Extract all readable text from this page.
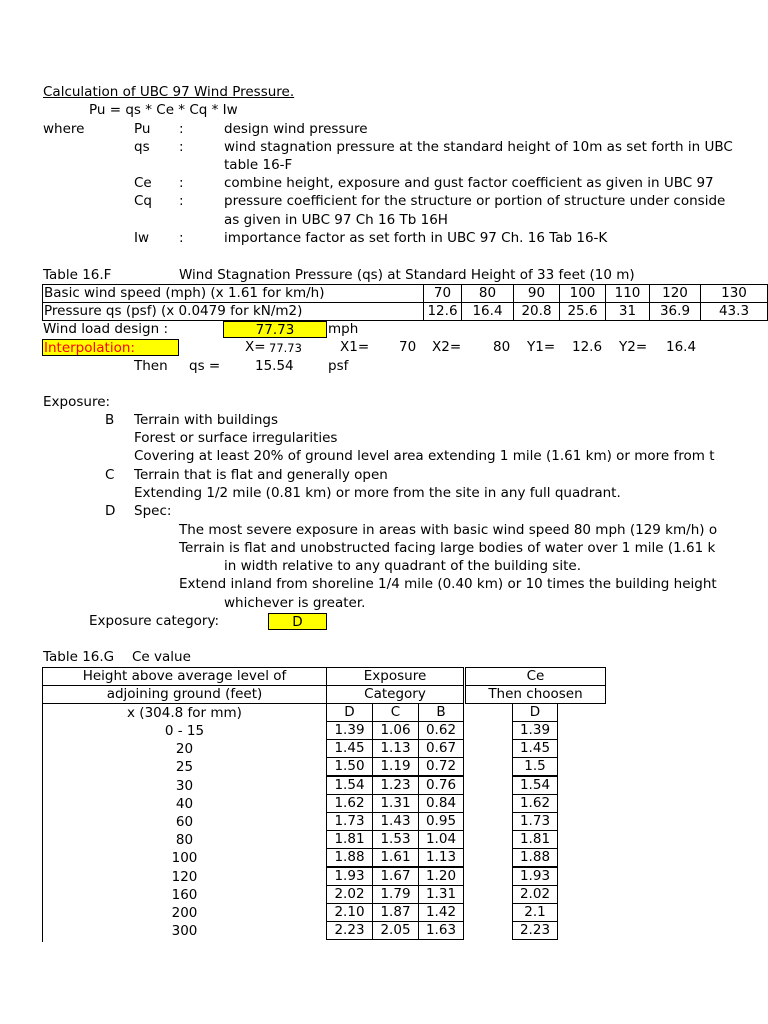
Calculation of UBC 97 Wind Pressure.
Pu = qs * Ce * Cq * Iw
where	Pu :	design wind pressure
qs :	wind stagnation pressure at the standard height of 10m as set forth in UBC
table 16-F
Ce :	combine height, exposure and gust factor coefficient as given in UBC 97
Cq :	pressure coefficient for the structure or portion of structure under conside
as given in UBC 97 Ch 16 Tb 16H
Iw :	importance factor as set forth in UBC 97 Ch. 16 Tab 16-K
Table 16.F	Wind Stagnation Pressure (qs) at Standard Height of 33 feet (10 m)
Basic wind speed (mph) (x 1.61 for km/h)	70	80	90	100	110	120	130
Pressure qs (psf) (x 0.0479 for kN/m2)	12.6	16.4	20.8	25.6	31	36.9	43.3
Wind load design :	77.73	mph
Interpolation:	X= 77.73	X1= 70 X2= 80 Y1= 12.6 Y2= 16.4
Then qs =	15.54	psf
Exposure:
B Terrain with buildings
Forest or surface irregularities
Covering at least 20% of ground level area extending 1 mile (1.61 km) or more from t
C Terrain that is flat and generally open
Extending 1/2 mile (0.81 km) or more from the site in any full quadrant.
D Spec:
The most severe exposure in areas with basic wind speed 80 mph (129 km/h) o
Terrain is flat and unobstructed facing large bodies of water over 1 mile (1.61 k
in width relative to any quadrant of the building site.
Extend inland from shoreline 1/4 mile (0.40 km) or 10 times the building height
whichever is greater.
Exposure category:	D
Table 16.G Ce value
Height above average level of
adjoining ground (feet)
Exposure
Category
Ce
Then choosen
x (304.8 for mm)	D	C	B	D
0 - 15	1.39	1.06	0.62	1.39
20	1.45	1.13	0.67	1.45
25	1.50	1.19	0.72	1.5
30	1.54	1.23	0.76	1.54
40	1.62	1.31	0.84	1.62
60	1.73	1.43	0.95	1.73
80	1.81	1.53	1.04	1.81
100	1.88	1.61	1.13	1.88
120	1.93	1.67	1.20	1.93
160	2.02	1.79	1.31	2.02
200	2.10	1.87	1.42	2.1
300	2.23	2.05	1.63	2.23
